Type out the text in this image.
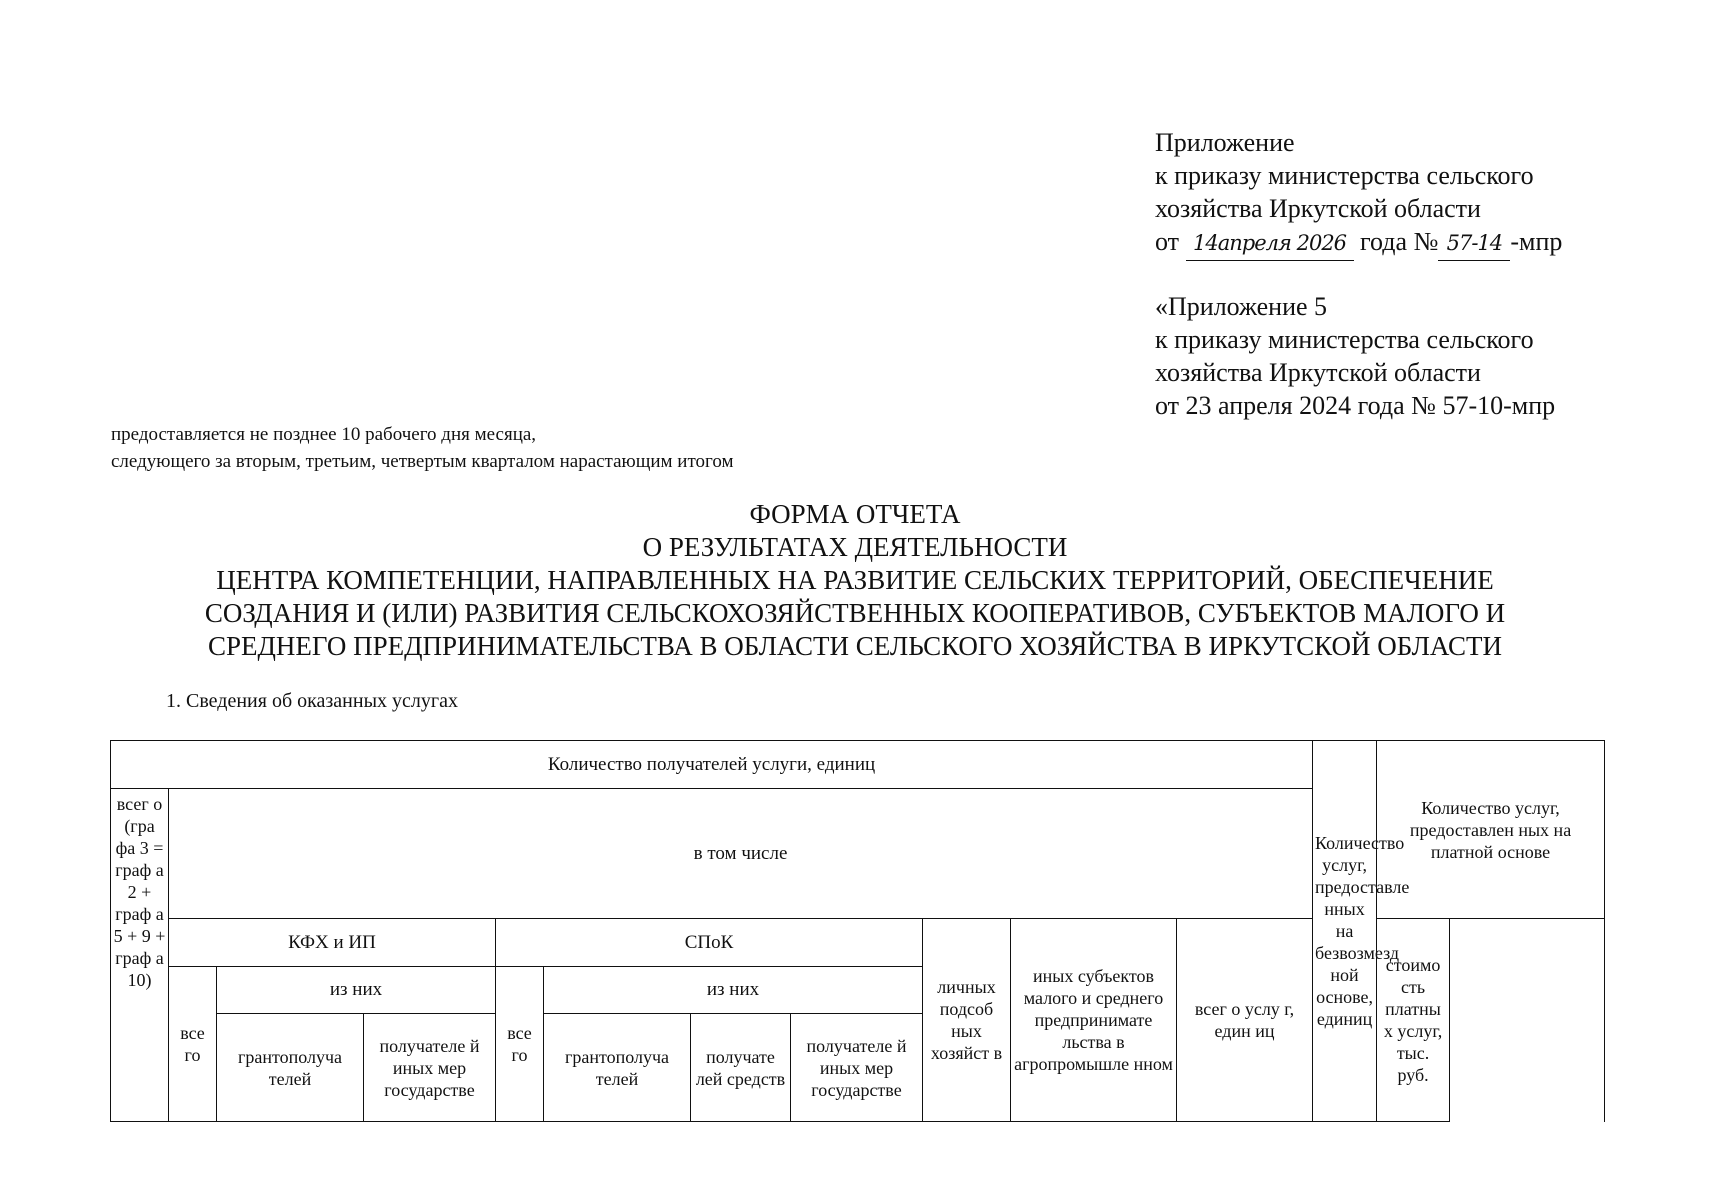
Приложение
к приказу министерства сельского
хозяйства Иркутской области
от 14апреля 2026 года № 57-14 -мпр
«Приложение 5
к приказу министерства сельского
хозяйства Иркутской области
от 23 апреля 2024 года № 57-10-мпр
предоставляется не позднее 10 рабочего дня месяца,
следующего за вторым, третьим, четвертым кварталом нарастающим итогом
ФОРМА ОТЧЕТА
О РЕЗУЛЬТАТАХ ДЕЯТЕЛЬНОСТИ
ЦЕНТРА КОМПЕТЕНЦИИ, НАПРАВЛЕННЫХ НА РАЗВИТИЕ СЕЛЬСКИХ ТЕРРИТОРИЙ, ОБЕСПЕЧЕНИЕ
СОЗДАНИЯ И (ИЛИ) РАЗВИТИЯ СЕЛЬСКОХОЗЯЙСТВЕННЫХ КООПЕРАТИВОВ, СУБЪЕКТОВ МАЛОГО И
СРЕДНЕГО ПРЕДПРИНИМАТЕЛЬСТВА В ОБЛАСТИ СЕЛЬСКОГО ХОЗЯЙСТВА В ИРКУТСКОЙ ОБЛАСТИ
1. Сведения об оказанных услугах
Количество получателей услуги, единиц											Количество услуг, предоставле нных на безвозмезд ной основе, единиц	Количество услуг, предоставлен ных на платной основе	
всег о (гра фа 3 = граф а 2 + граф а 5 + 9 + граф а 10)	в том числе												
	КФХ и ИП			СПоК				личных подсоб ных хозяйст в	иных субъектов малого и среднего предпринимате льства в агропромышле нном	всег о услу г, един иц		стоимо сть платны х услуг, тыс. руб.	
	все го	из них		все го	из них								
		грантополуча телей	получателе й иных мер государстве		грантополуча телей	получате лей средств	получателе й иных мер государстве						
